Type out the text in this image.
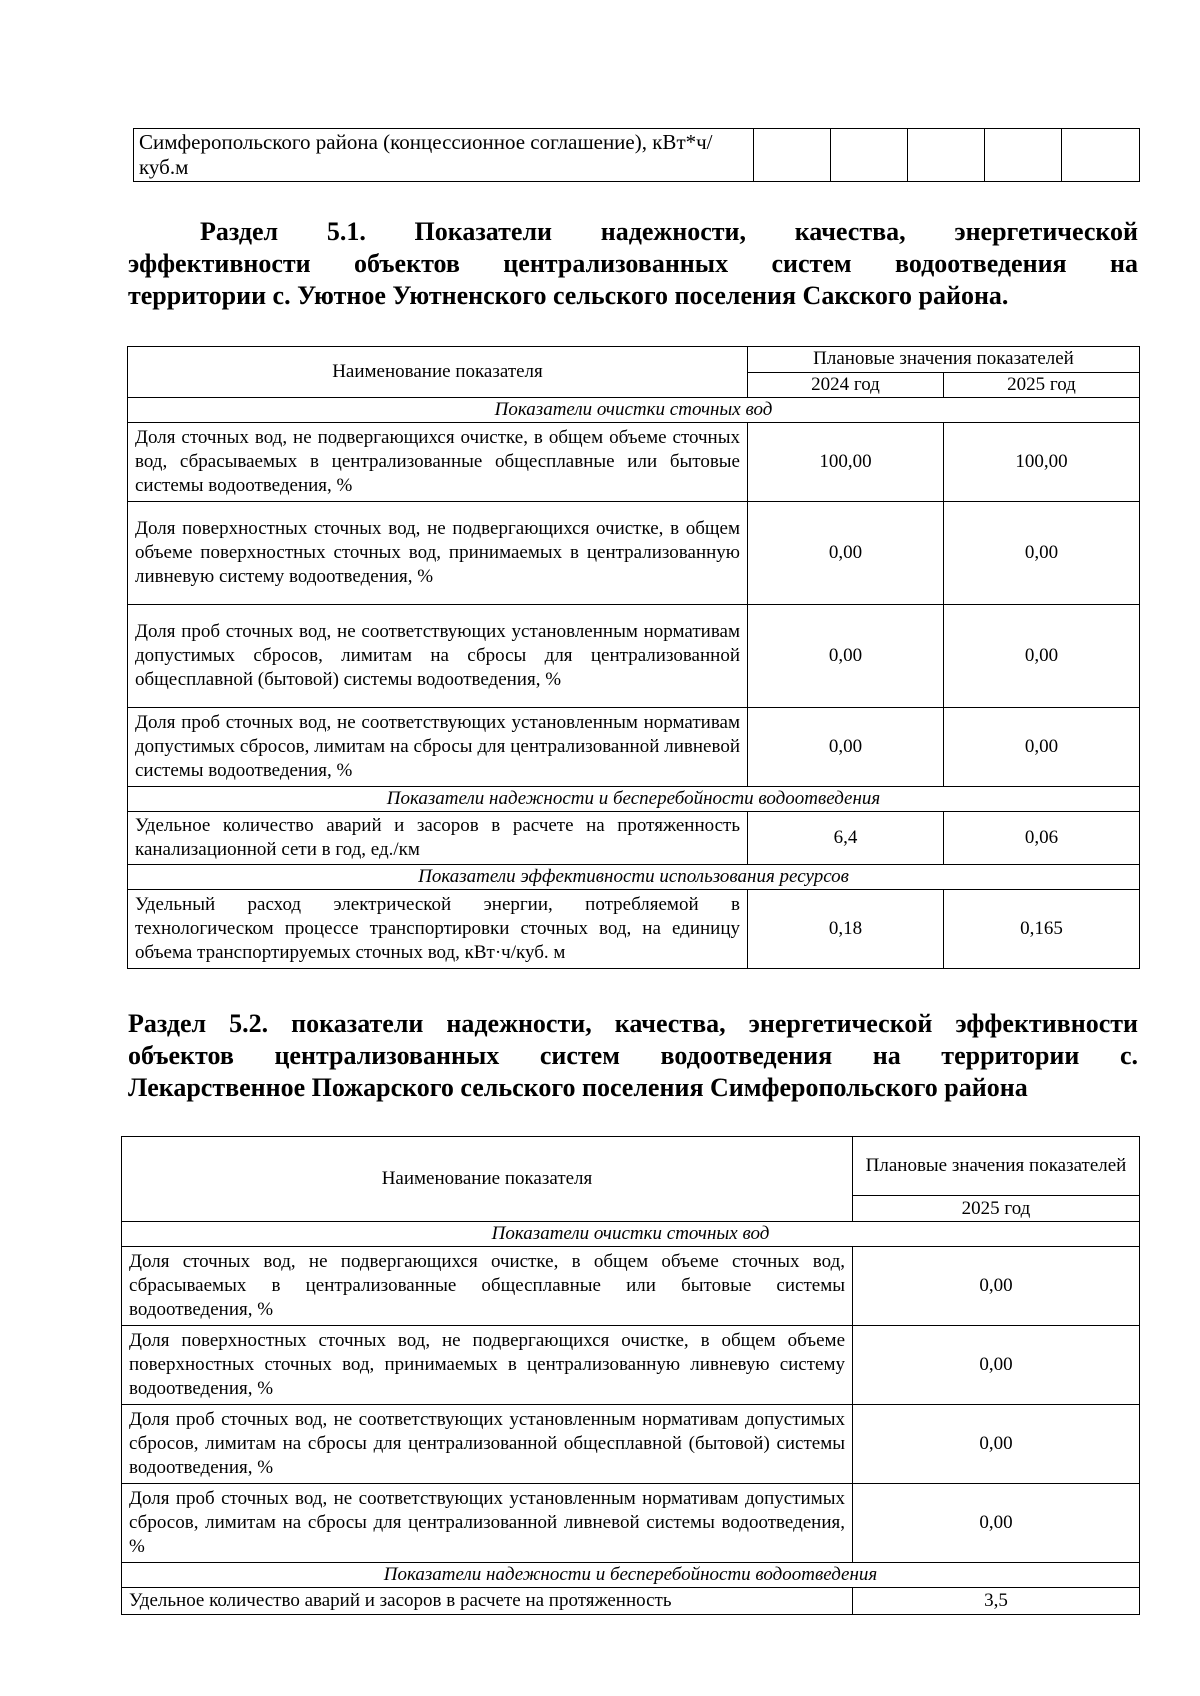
Симферопольского района (концессионное соглашение), кВт*ч/куб.м					
Раздел 5.1. Показатели надежности, качества, энергетической
эффективности объектов централизованных систем водоотведения на
территории с. Уютное Уютненского сельского поселения Сакского района.
Наименование показателя	Плановые значения показателей	
	2024 год	2025 год
Показатели очистки сточных вод		
Доля сточных вод, не подвергающихся очистке, в общем объеме сточных вод, сбрасываемых в централизованные общесплавные или бытовые системы водоотведения, %	100,00	100,00
Доля поверхностных сточных вод, не подвергающихся очистке, в общем объеме поверхностных сточных вод, принимаемых в централизованную ливневую систему водоотведения, %	0,00	0,00
Доля проб сточных вод, не соответствующих установленным нормативам допустимых сбросов, лимитам на сбросы для централизованной общесплавной (бытовой) системы водоотведения, %	0,00	0,00
Доля проб сточных вод, не соответствующих установленным нормативам допустимых сбросов, лимитам на сбросы для централизованной ливневой системы водоотведения, %	0,00	0,00
Показатели надежности и бесперебойности водоотведения		
Удельное количество аварий и засоров в расчете на протяженность канализационной сети в год, ед./км	6,4	0,06
Показатели эффективности использования ресурсов		
Удельный расход электрической энергии, потребляемой в технологическом процессе транспортировки сточных вод, на единицу объема транспортируемых сточных вод, кВт·ч/куб. м	0,18	0,165
Раздел 5.2. показатели надежности, качества, энергетической эффективности
объектов централизованных систем водоотведения на территории с.
Лекарственное Пожарского сельского поселения Симферопольского района
Наименование показателя	Плановые значения показателей
	2025 год
Показатели очистки сточных вод	
Доля сточных вод, не подвергающихся очистке, в общем объеме сточных вод, сбрасываемых в централизованные общесплавные или бытовые системы водоотведения, %	0,00
Доля поверхностных сточных вод, не подвергающихся очистке, в общем объеме поверхностных сточных вод, принимаемых в централизованную ливневую систему водоотведения, %	0,00
Доля проб сточных вод, не соответствующих установленным нормативам допустимых сбросов, лимитам на сбросы для централизованной общесплавной (бытовой) системы водоотведения, %	0,00
Доля проб сточных вод, не соответствующих установленным нормативам допустимых сбросов, лимитам на сбросы для централизованной ливневой системы водоотведения, %	0,00
Показатели надежности и бесперебойности водоотведения	
Удельное количество аварий и засоров в расчете на протяженность	3,5
